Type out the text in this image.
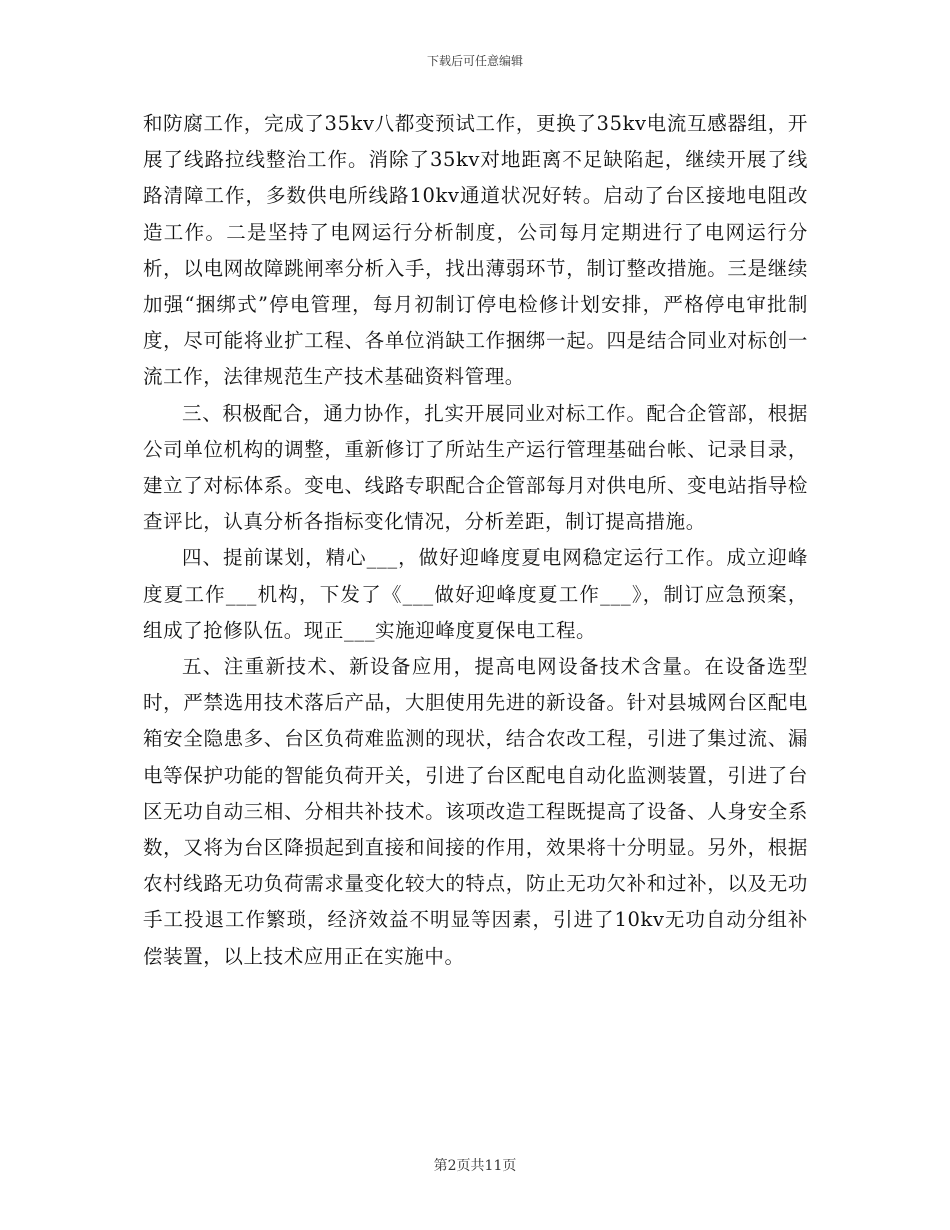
下载后可任意编辑

和防腐工作，完成了35kv八都变预试工作，更换了35kv电流互感器组，开展了线路拉线整治工作。消除了35kv对地距离不足缺陷起，继续开展了线路清障工作，多数供电所线路10kv通道状况好转。启动了台区接地电阻改造工作。二是坚持了电网运行分析制度，公司每月定期进行了电网运行分析，以电网故障跳闸率分析入手，找出薄弱环节，制订整改措施。三是继续加强“捆绑式”停电管理，每月初制订停电检修计划安排，严格停电审批制度，尽可能将业扩工程、各单位消缺工作捆绑一起。四是结合同业对标创一流工作，法律规范生产技术基础资料管理。

三、积极配合，通力协作，扎实开展同业对标工作。配合企管部，根据公司单位机构的调整，重新修订了所站生产运行管理基础台帐、记录目录，建立了对标体系。变电、线路专职配合企管部每月对供电所、变电站指导检查评比，认真分析各指标变化情况，分析差距，制订提高措施。

四、提前谋划，精心___，做好迎峰度夏电网稳定运行工作。成立迎峰度夏工作___机构，下发了《___做好迎峰度夏工作___》，制订应急预案，组成了抢修队伍。现正___实施迎峰度夏保电工程。

五、注重新技术、新设备应用，提高电网设备技术含量。在设备选型时，严禁选用技术落后产品，大胆使用先进的新设备。针对县城网台区配电箱安全隐患多、台区负荷难监测的现状，结合农改工程，引进了集过流、漏电等保护功能的智能负荷开关，引进了台区配电自动化监测装置，引进了台区无功自动三相、分相共补技术。该项改造工程既提高了设备、人身安全系数，又将为台区降损起到直接和间接的作用，效果将十分明显。另外，根据农村线路无功负荷需求量变化较大的特点，防止无功欠补和过补，以及无功手工投退工作繁琐，经济效益不明显等因素，引进了10kv无功自动分组补偿装置，以上技术应用正在实施中。

第2页共11页
